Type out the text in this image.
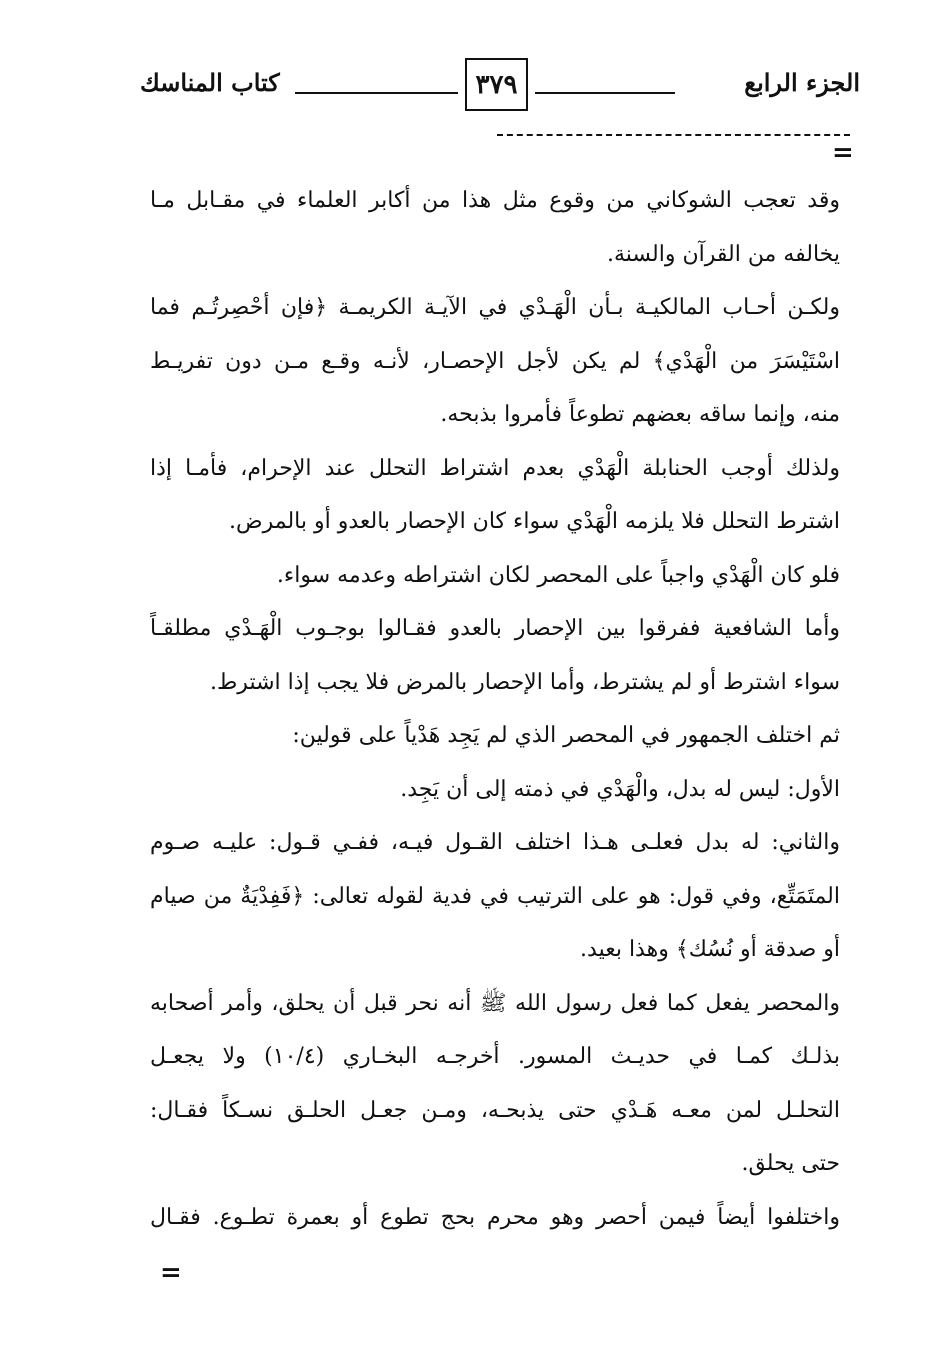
الجزء الرابع
٣٧٩
كتاب المناسك
=
وقد تعجب الشوكاني من وقوع مثل هذا من أكابر العلماء في مقـابل مـا
يخالفه من القرآن والسنة.
ولكـن أحـاب المالكيـة بـأن الْهَـدْي في الآيـة الكريمـة ﴿فإن أحْصِرتُـم فما
اسْتَيْسَرَ من الْهَدْي﴾ لم يكن لأجل الإحصـار، لأنـه وقـع مـن دون تفريـط
منه، وإنما ساقه بعضهم تطوعاً فأمروا بذبحه.
ولذلك أوجب الحنابلة الْهَدْي بعدم اشتراط التحلل عند الإحرام، فأمـا إذا
اشترط التحلل فلا يلزمه الْهَدْي سواء كان الإحصار بالعدو أو بالمرض.
فلو كان الْهَدْي واجباً على المحصر لكان اشتراطه وعدمه سواء.
وأما الشافعية ففرقوا بين الإحصار بالعدو فقـالوا بوجـوب الْهَـدْي مطلقـاً
سواء اشترط أو لم يشترط، وأما الإحصار بالمرض فلا يجب إذا اشترط.
ثم اختلف الجمهور في المحصر الذي لم يَجِد هَدْياً على قولين:
الأول: ليس له بدل، والْهَدْي في ذمته إلى أن يَجِد.
والثاني: له بدل فعلـى هـذا اختلف القـول فيـه، ففـي قـول: عليـه صـوم
المتَمَتِّع، وفي قول: هو على الترتيب في فدية لقوله تعالى: ﴿فَفِدْيَةٌ من صيام
أو صدقة أو نُسُك﴾ وهذا بعيد.
والمحصر يفعل كما فعل رسول الله ﷺ أنه نحر قبل أن يحلق، وأمر أصحابه
بذلـك كمـا في حديـث المسور. أخرجـه البخـاري (١٠/٤) ولا يجعـل
التحلـل لمن معـه هَـدْي حتى يذبحـه، ومـن جعـل الحلـق نسـكاً فقـال:
حتى يحلق.
واختلفوا أيضاً فيمن أحصر وهو محرم بحج تطوع أو بعمرة تطـوع. فقـال
=
